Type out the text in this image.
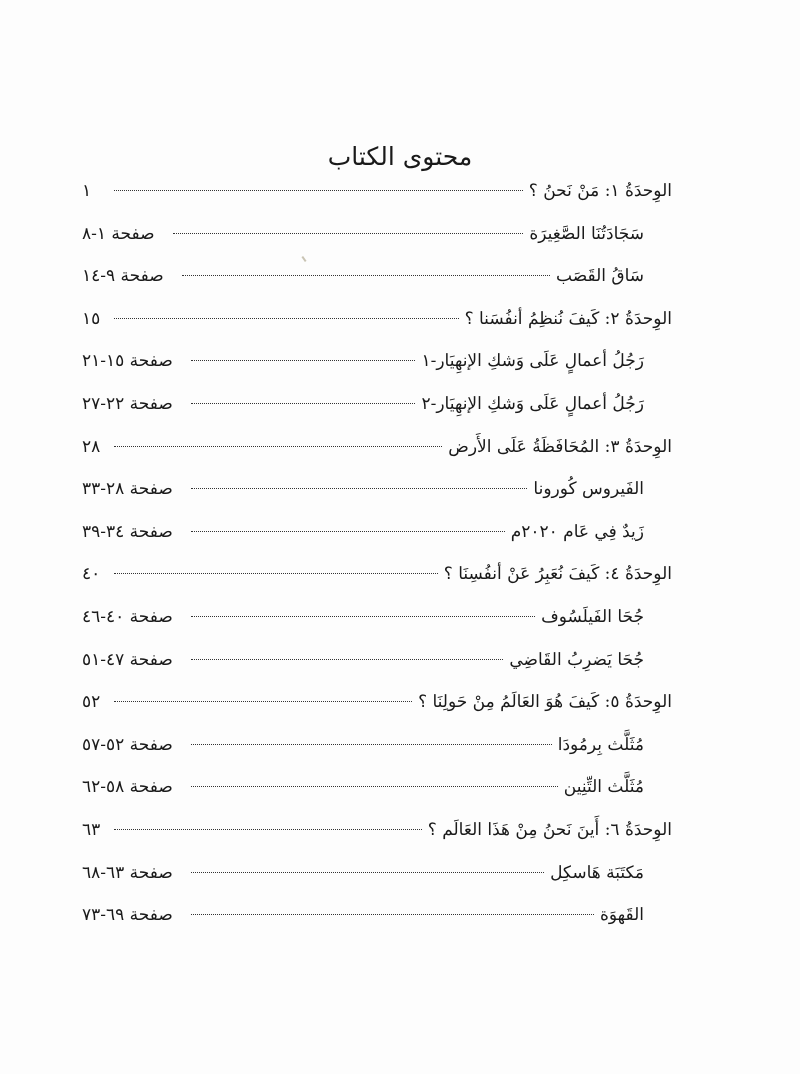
محتوى الكتاب
الوِحدَةُ ١: مَنْ نَحنُ ؟
١
سَجَادَتُنَا الصَّغِيرَة
صفحة ١-٨
سَاقُ القَصَب
صفحة ٩-١٤
الوِحدَةُ ٢: كَيفَ نُنظِمُ أنفُسَنا ؟
١٥
رَجُلُ أعمالٍ عَلَى وَشكِ الإنهِيَار-١
صفحة ١٥-٢١
رَجُلُ أعمالٍ عَلَى وَشكِ الإنهِيَار-٢
صفحة ٢٢-٢٧
الوِحدَةُ ٣: المُحَافَظَةُ عَلَى الأَرض
٢٨
الفَيروس كُورونا
صفحة ٢٨-٣٣
زَيدٌ فِي عَام ٢٠٢٠م
صفحة ٣٤-٣٩
الوِحدَةُ ٤: كَيفَ نُعَبِرُ عَنْ أنفُسِنَا ؟
٤٠
جُحَا الفَيلَسُوف
صفحة ٤٠-٤٦
جُحَا يَضرِبُ القَاضِي
صفحة ٤٧-٥١
الوِحدَةُ ٥: كَيفَ هُوَ العَالَمُ مِنْ حَولِنَا ؟
٥٢
مُثَلَّث بِرمُودَا
صفحة ٥٢-٥٧
مُثَلَّث التِّنِين
صفحة ٥٨-٦٢
الوِحدَةُ ٦: أَينَ نَحنُ مِنْ هَذَا العَالَم ؟
٦٣
مَكتَبَة هَاسكِل
صفحة ٦٣-٦٨
القَهوَة
صفحة ٦٩-٧٣
